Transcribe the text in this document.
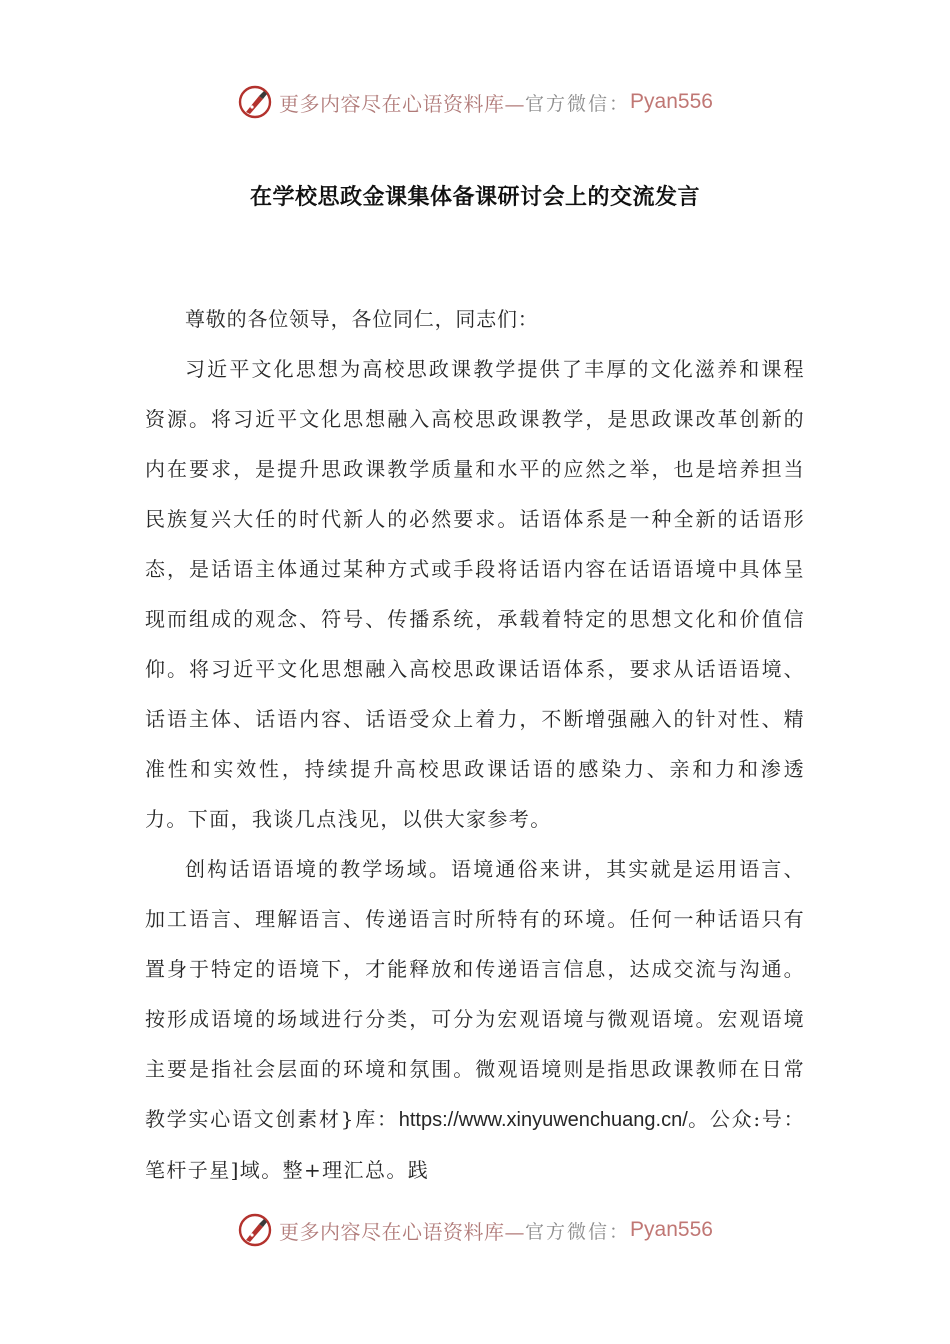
更多内容尽在心语资料库— 官方微信： Pyan556
在学校思政金课集体备课研讨会上的交流发言

尊敬的各位领导，各位同仁，同志们：

习近平文化思想为高校思政课教学提供了丰厚的文化滋养和课程资源。将习近平文化思想融入高校思政课教学，是思政课改革创新的内在要求，是提升思政课教学质量和水平的应然之举，也是培养担当民族复兴大任的时代新人的必然要求。话语体系是一种全新的话语形态，是话语主体通过某种方式或手段将话语内容在话语语境中具体呈现而组成的观念、符号、传播系统，承载着特定的思想文化和价值信仰。将习近平文化思想融入高校思政课话语体系，要求从话语语境、话语主体、话语内容、话语受众上着力，不断增强融入的针对性、精准性和实效性，持续提升高校思政课话语的感染力、亲和力和渗透力。下面，我谈几点浅见，以供大家参考。

创构话语语境的教学场域。语境通俗来讲，其实就是运用语言、加工语言、理解语言、传递语言时所特有的环境。任何一种话语只有置身于特定的语境下，才能释放和传递语言信息，达成交流与沟通。按形成语境的场域进行分类，可分为宏观语境与微观语境。宏观语境主要是指社会层面的环境和氛围。微观语境则是指思政课教师在日常教学实心语文创素材}库：https://www.xinyuwenchuang.cn/。公众:号：笔杆子星]域。整+理汇总。践

更多内容尽在心语资料库— 官方微信： Pyan556
